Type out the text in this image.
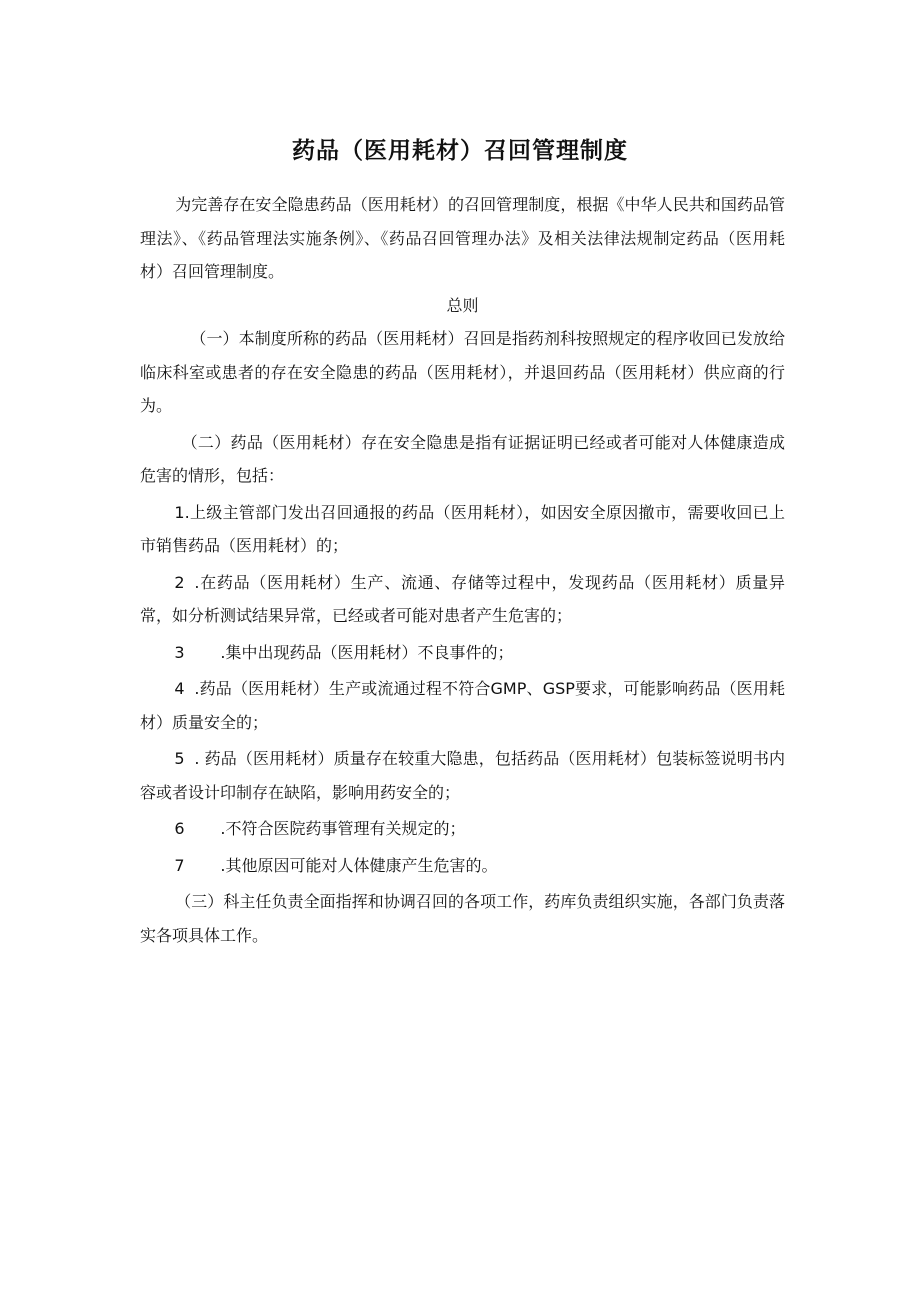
药品（医用耗材）召回管理制度

为完善存在安全隐患药品（医用耗材）的召回管理制度，根据《中华人民共和国药品管理法》、《药品管理法实施条例》、《药品召回管理办法》及相关法律法规制定药品（医用耗材）召回管理制度。

总则

（一）本制度所称的药品（医用耗材）召回是指药剂科按照规定的程序收回已发放给临床科室或患者的存在安全隐患的药品（医用耗材），并退回药品（医用耗材）供应商的行为。

（二）药品（医用耗材）存在安全隐患是指有证据证明已经或者可能对人体健康造成危害的情形，包括：

1.上级主管部门发出召回通报的药品（医用耗材），如因安全原因撤市，需要收回已上市销售药品（医用耗材）的；

2 .在药品（医用耗材）生产、流通、存储等过程中，发现药品（医用耗材）质量异常，如分析测试结果异常，已经或者可能对患者产生危害的；

3 .集中出现药品（医用耗材）不良事件的；

4 .药品（医用耗材）生产或流通过程不符合GMP、GSP要求，可能影响药品（医用耗材）质量安全的；

5 . 药品（医用耗材）质量存在较重大隐患，包括药品（医用耗材）包装标签说明书内容或者设计印制存在缺陷，影响用药安全的；

6 .不符合医院药事管理有关规定的；

7 .其他原因可能对人体健康产生危害的。

（三）科主任负责全面指挥和协调召回的各项工作，药库负责组织实施，各部门负责落实各项具体工作。
